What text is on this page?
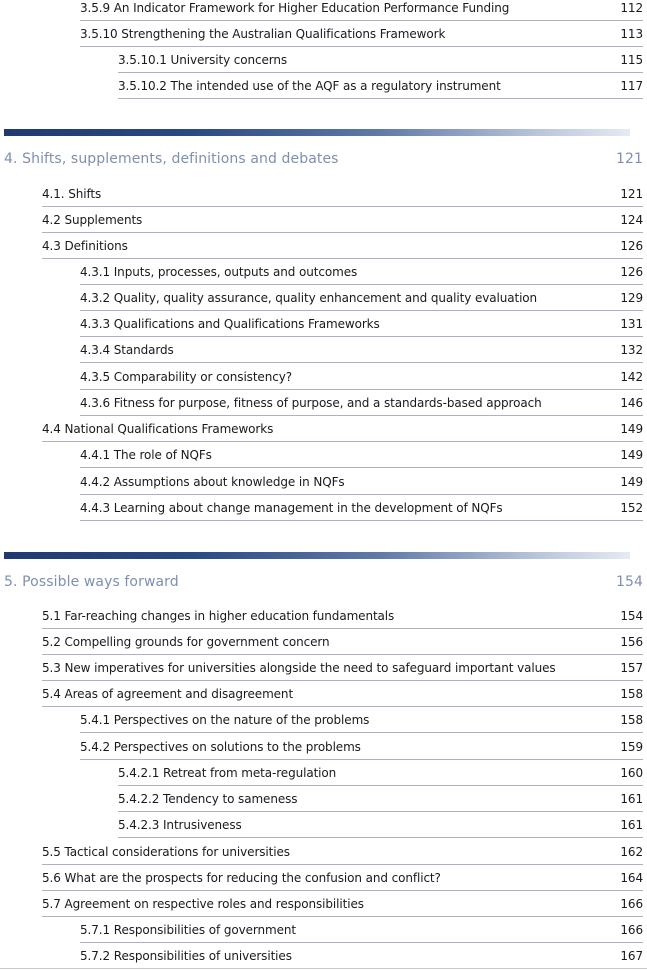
3.5.9 An Indicator Framework for Higher Education Performance Funding	112
3.5.10 Strengthening the Australian Qualifications Framework	113
3.5.10.1 University concerns	115
3.5.10.2 The intended use of the AQF as a regulatory instrument	117
4. Shifts, supplements, definitions and debates	121
4.1. Shifts	121
4.2 Supplements	124
4.3 Definitions	126
4.3.1 Inputs, processes, outputs and outcomes	126
4.3.2 Quality, quality assurance, quality enhancement and quality evaluation	129
4.3.3 Qualifications and Qualifications Frameworks	131
4.3.4 Standards	132
4.3.5 Comparability or consistency?	142
4.3.6 Fitness for purpose, fitness of purpose, and a standards-based approach	146
4.4 National Qualifications Frameworks	149
4.4.1 The role of NQFs	149
4.4.2 Assumptions about knowledge in NQFs	149
4.4.3 Learning about change management in the development of NQFs	152
5. Possible ways forward	154
5.1 Far-reaching changes in higher education fundamentals	154
5.2 Compelling grounds for government concern	156
5.3 New imperatives for universities alongside the need to safeguard important values	157
5.4 Areas of agreement and disagreement	158
5.4.1 Perspectives on the nature of the problems	158
5.4.2 Perspectives on solutions to the problems	159
5.4.2.1 Retreat from meta-regulation	160
5.4.2.2 Tendency to sameness	161
5.4.2.3 Intrusiveness	161
5.5 Tactical considerations for universities	162
5.6 What are the prospects for reducing the confusion and conflict?	164
5.7 Agreement on respective roles and responsibilities	166
5.7.1 Responsibilities of government	166
5.7.2 Responsibilities of universities	167
